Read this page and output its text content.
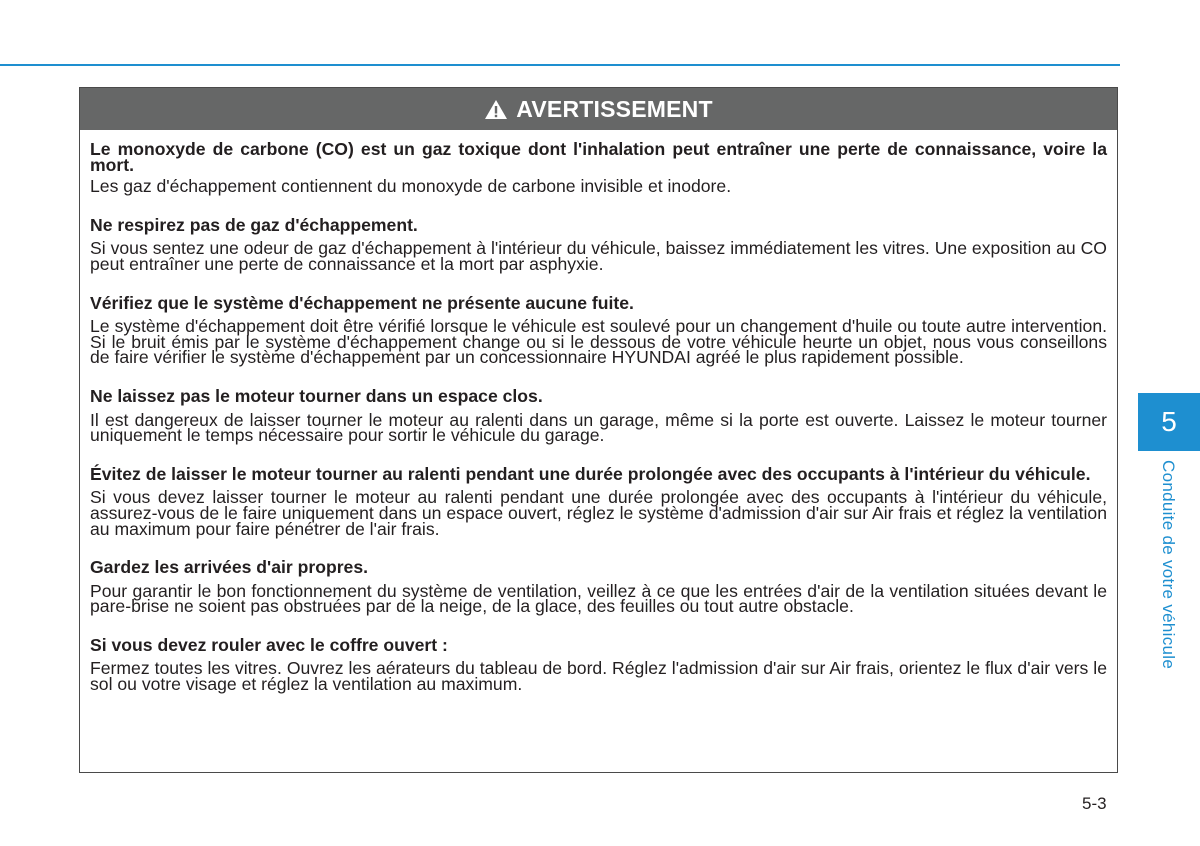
AVERTISSEMENT
Le monoxyde de carbone (CO) est un gaz toxique dont l'inhalation peut entraîner une perte de connaissance, voire la mort.
Les gaz d'échappement contiennent du monoxyde de carbone invisible et inodore.
Ne respirez pas de gaz d'échappement.
Si vous sentez une odeur de gaz d'échappement à l'intérieur du véhicule, baissez immédiatement les vitres. Une exposition au CO peut entraîner une perte de connaissance et la mort par asphyxie.
Vérifiez que le système d'échappement ne présente aucune fuite.
Le système d'échappement doit être vérifié lorsque le véhicule est soulevé pour un changement d'huile ou toute autre intervention. Si le bruit émis par le système d'échappement change ou si le dessous de votre véhicule heurte un objet, nous vous conseillons de faire vérifier le système d'échappement par un concessionnaire HYUNDAI agréé le plus rapidement possible.
Ne laissez pas le moteur tourner dans un espace clos.
Il est dangereux de laisser tourner le moteur au ralenti dans un garage, même si la porte est ouverte. Laissez le moteur tourner uniquement le temps nécessaire pour sortir le véhicule du garage.
Évitez de laisser le moteur tourner au ralenti pendant une durée prolongée avec des occupants à l'intérieur du véhicule.
Si vous devez laisser tourner le moteur au ralenti pendant une durée prolongée avec des occupants à l'intérieur du véhicule, assurez-vous de le faire uniquement dans un espace ouvert, réglez le système d'admission d'air sur Air frais et réglez la ventilation au maximum pour faire pénétrer de l'air frais.
Gardez les arrivées d'air propres.
Pour garantir le bon fonctionnement du système de ventilation, veillez à ce que les entrées d'air de la ventilation situées devant le pare-brise ne soient pas obstruées par de la neige, de la glace, des feuilles ou tout autre obstacle.
Si vous devez rouler avec le coffre ouvert :
Fermez toutes les vitres. Ouvrez les aérateurs du tableau de bord. Réglez l'admission d'air sur Air frais, orientez le flux d'air vers le sol ou votre visage et réglez la ventilation au maximum.
5
Conduite de votre véhicule
5-3
